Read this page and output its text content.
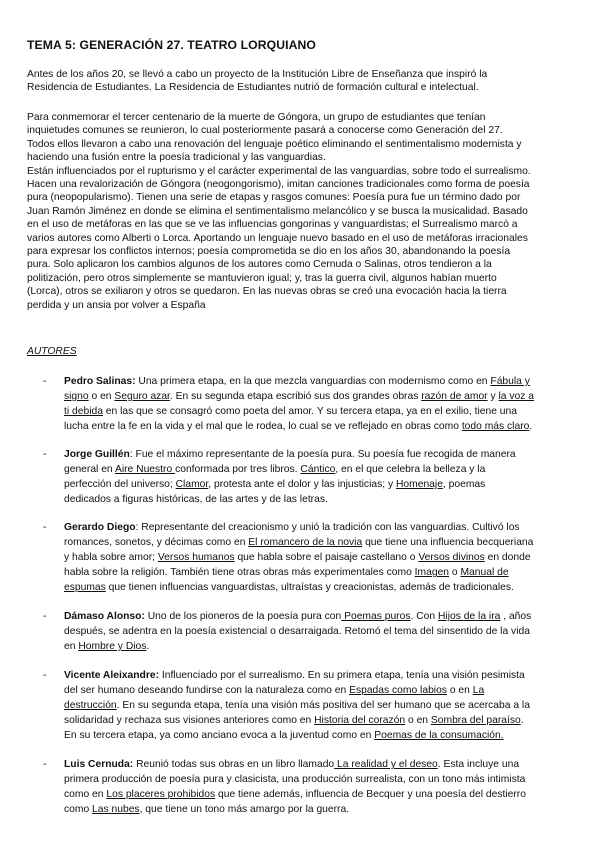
TEMA 5: GENERACIÓN 27. TEATRO LORQUIANO

Antes de los años 20, se llevó a cabo un proyecto de la Institución Libre de Enseñanza que inspiró la
Residencia de Estudiantes. La Residencia de Estudiantes nutrió de formación cultural e intelectual.

Para conmemorar el tercer centenario de la muerte de Góngora, un grupo de estudiantes que tenían
inquietudes comunes se reunieron, lo cual posteriormente pasará a conocerse como Generación del 27.
Todos ellos llevaron a cabo una renovación del lenguaje poético eliminando el sentimentalismo modernista y
haciendo una fusión entre la poesía tradicional y las vanguardias.
Están influenciados por el rupturismo y el carácter experimental de las vanguardias, sobre todo el surrealismo.
Hacen una revalorización de Góngora (neogongorismo), imitan canciones tradicionales como forma de poesía
pura (neopopularismo). Tienen una serie de etapas y rasgos comunes: Poesía pura fue un término dado por
Juan Ramón Jiménez en donde se elimina el sentimentalismo melancólico y se busca la musicalidad. Basado
en el uso de metáforas en las que se ve las influencias gongorinas y vanguardistas; el Surrealismo marcó a
varios autores como Alberti o Lorca. Aportando un lenguaje nuevo basado en el uso de metáforas irracionales
para expresar los conflictos internos; poesía comprometida se dio en los años 30, abandonando la poesía
pura. Solo aplicaron los cambios algunos de los autores como Cernuda o Salinas, otros tendieron a la
politización, pero otros simplemente se mantuvieron igual; y, tras la guerra civil, algunos habían muerto
(Lorca), otros se exiliaron y otros se quedaron. En las nuevas obras se creó una evocación hacia la tierra
perdida y un ansia por volver a España

AUTORES
- Pedro Salinas: Una primera etapa, en la que mezcla vanguardias con modernismo como en Fábula y
signo o en Seguro azar. En su segunda etapa escribió sus dos grandes obras razón de amor y la voz a
ti debida en las que se consagró como poeta del amor. Y su tercera etapa, ya en el exilio, tiene una
lucha entre la fe en la vida y el mal que le rodea, lo cual se ve reflejado en obras como todo más claro.
- Jorge Guillén: Fue el máximo representante de la poesía pura. Su poesía fue recogida de manera
general en Aire Nuestro conformada por tres libros. Cántico, en el que celebra la belleza y la
perfección del universo; Clamor, protesta ante el dolor y las injusticias; y Homenaje, poemas
dedicados a figuras históricas, de las artes y de las letras.
- Gerardo Diego: Representante del creacionismo y unió la tradición con las vanguardias. Cultivó los
romances, sonetos, y décimas como en El romancero de la novia que tiene una influencia becqueriana
y habla sobre amor; Versos humanos que habla sobre el paisaje castellano o Versos divinos en donde
habla sobre la religión. También tiene otras obras más experimentales como Imagen o Manual de
espumas que tienen influencias vanguardistas, ultraístas y creacionistas, además de tradicionales.
- Dámaso Alonso: Uno de los pioneros de la poesía pura con Poemas puros. Con Hijos de la ira , años
después, se adentra en la poesía existencial o desarraigada. Retomó el tema del sinsentido de la vida
en Hombre y Dios.
- Vicente Aleixandre: Influenciado por el surrealismo. En su primera etapa, tenía una visión pesimista
del ser humano deseando fundirse con la naturaleza como en Espadas como labios o en La
destrucción. En su segunda etapa, tenía una visión más positiva del ser humano que se acercaba a la
solidaridad y rechaza sus visiones anteriores como en Historia del corazón o en Sombra del paraíso.
En su tercera etapa, ya como anciano evoca a la juventud como en Poemas de la consumación.
- Luis Cernuda: Reunió todas sus obras en un libro llamado La realidad y el deseo. Esta incluye una
primera producción de poesía pura y clasicista, una producción surrealista, con un tono más intimista
como en Los placeres prohibidos que tiene además, influencia de Becquer y una poesía del destierro
como Las nubes, que tiene un tono más amargo por la guerra.
